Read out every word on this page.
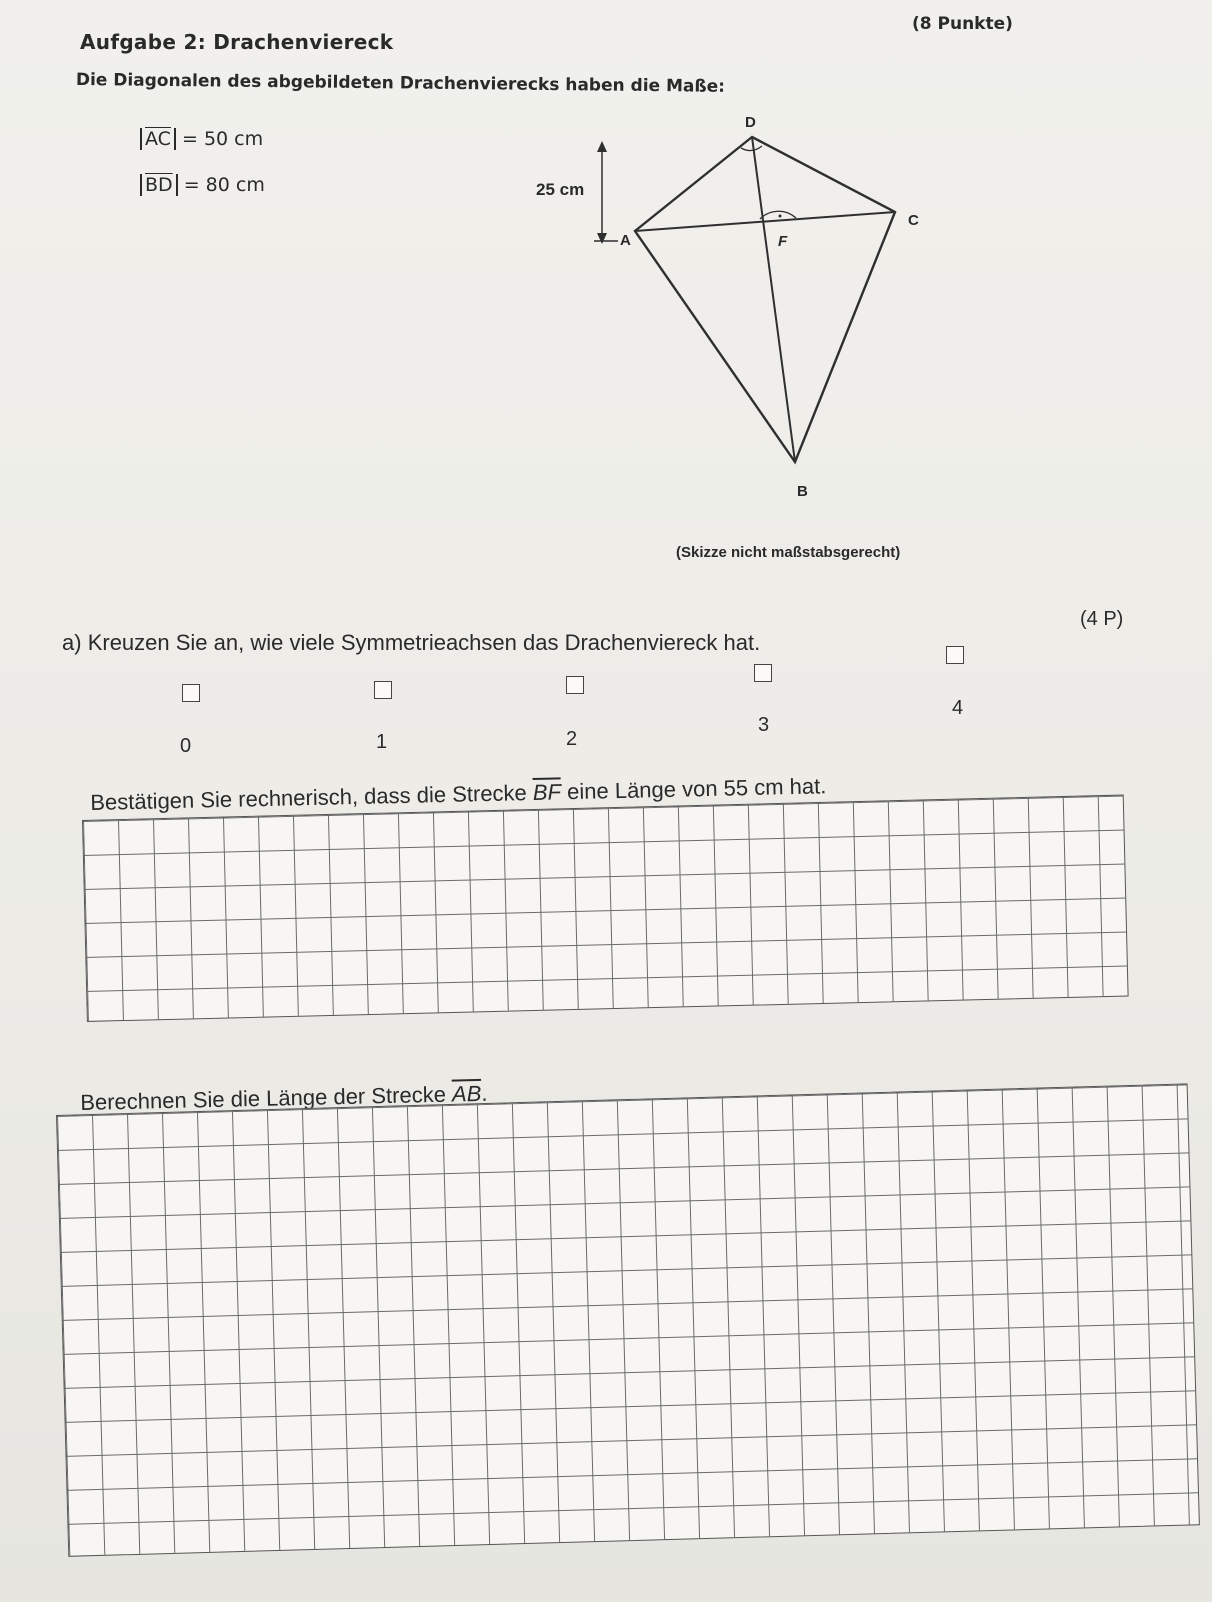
Aufgabe 2: Drachenviereck
(8 Punkte)
Die Diagonalen des abgebildeten Drachenvierecks haben die Maße:
$\overline{AC} = 50$ cm
$\overline{BD} = 80$ cm
D
C
A	F
B
25 cm
(Skizze nicht maßstabsgerecht)
a) Kreuzen Sie an, wie viele Symmetrieachsen das Drachenviereck hat.
(4 P)
0	1	2
3
4
Bestätigen Sie rechnerisch, dass die Strecke $\overline{BF}$ eine Länge von 55 cm hat.
Berechnen Sie die Länge der Strecke $\overline{AB}$.
